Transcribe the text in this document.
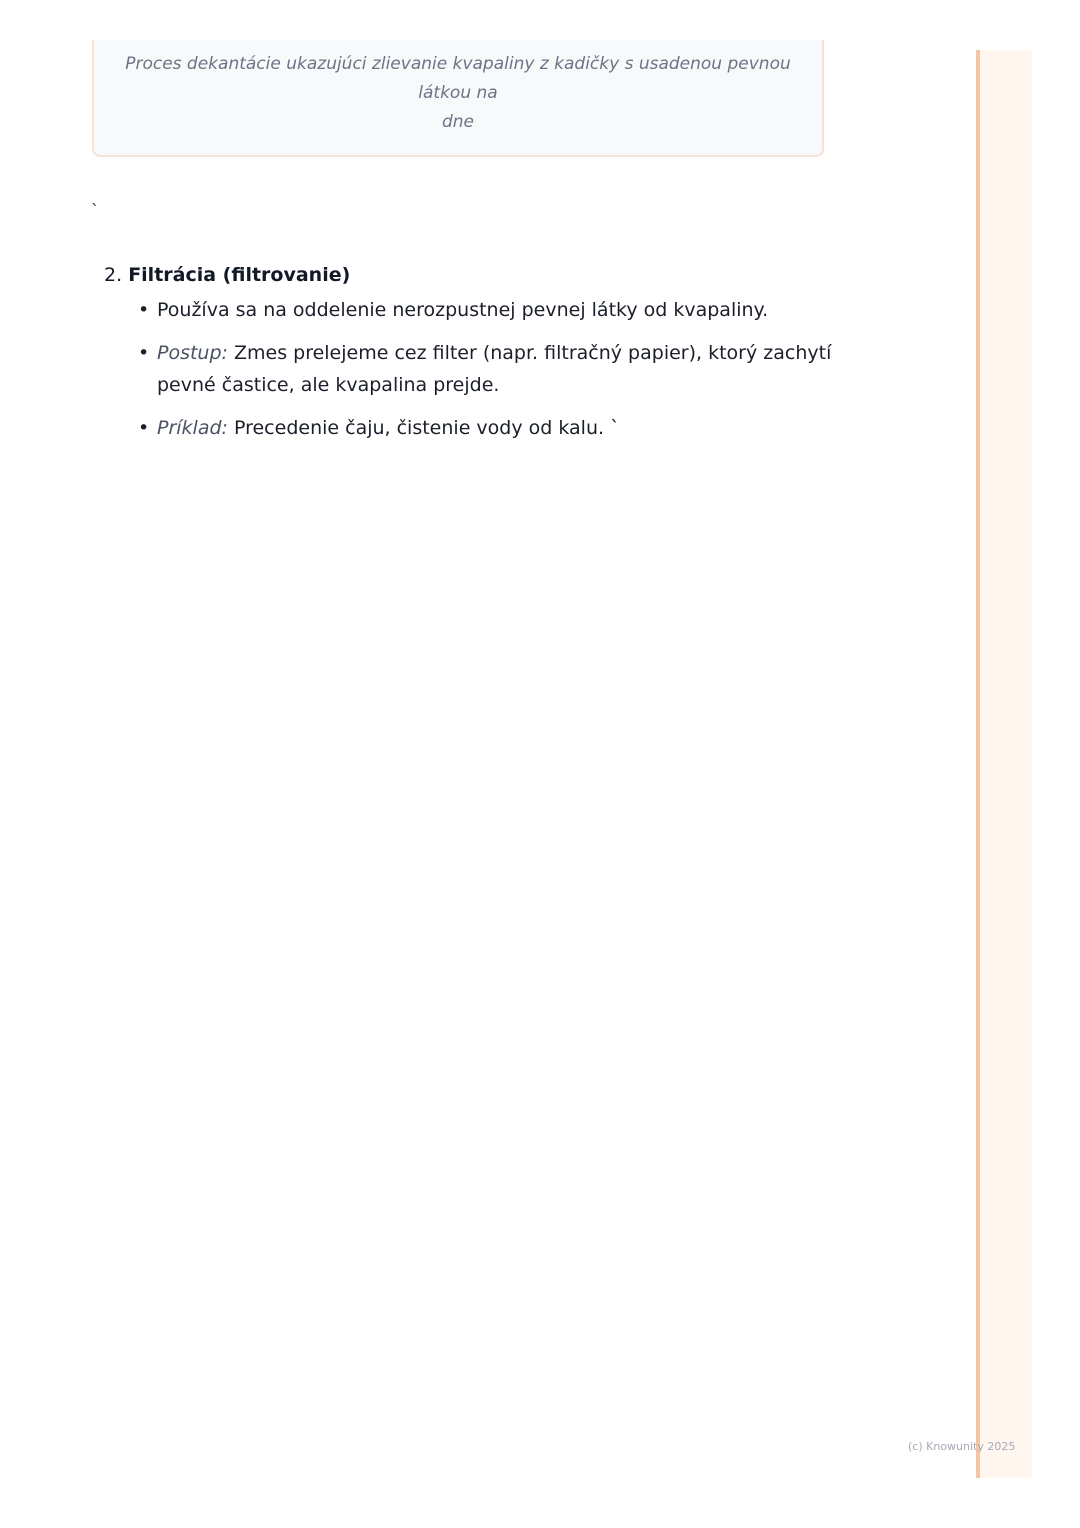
Proces dekantácie ukazujúci zlievanie kvapaliny z kadičky s usadenou pevnou látkou na
dne
`
2. Filtrácia (filtrovanie)
• Používa sa na oddelenie nerozpustnej pevnej látky od kvapaliny.
• Postup: Zmes prelejeme cez filter (napr. filtračný papier), ktorý zachytí pevné častice, ale kvapalina prejde.
• Príklad: Precedenie čaju, čistenie vody od kalu. `
(c) Knowunity 2025
